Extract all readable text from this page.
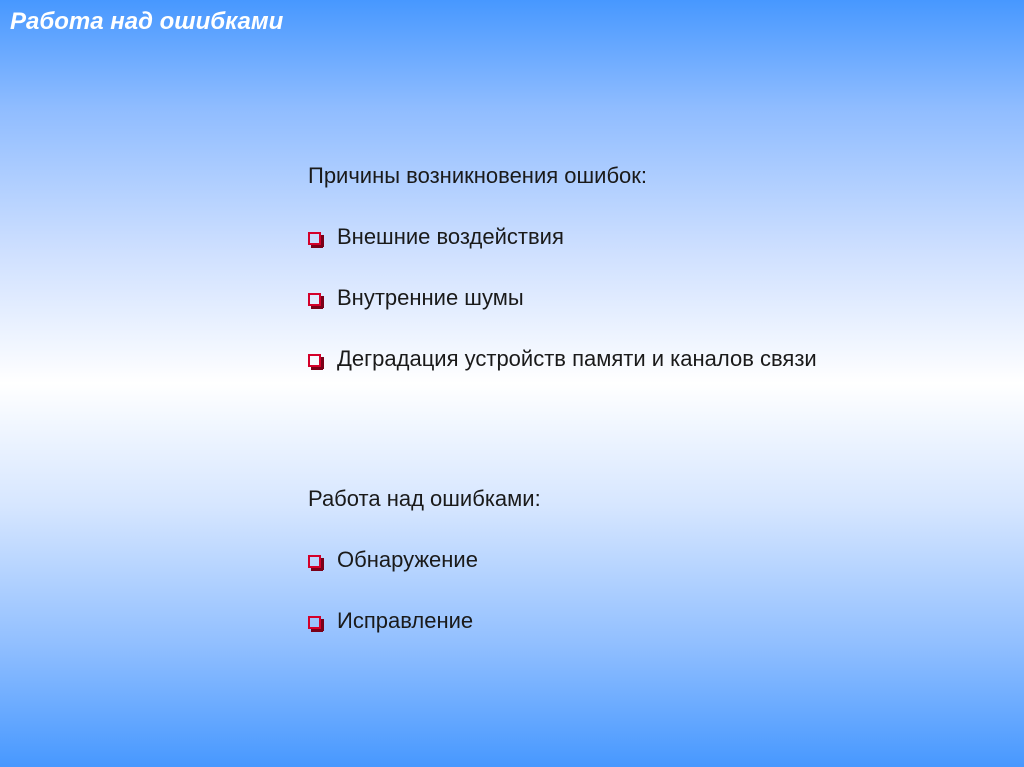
Работа над ошибками
Причины возникновения ошибок:
Внешние воздействия
Внутренние шумы
Деградация устройств памяти и каналов связи
Работа над ошибками:
Обнаружение
Исправление
